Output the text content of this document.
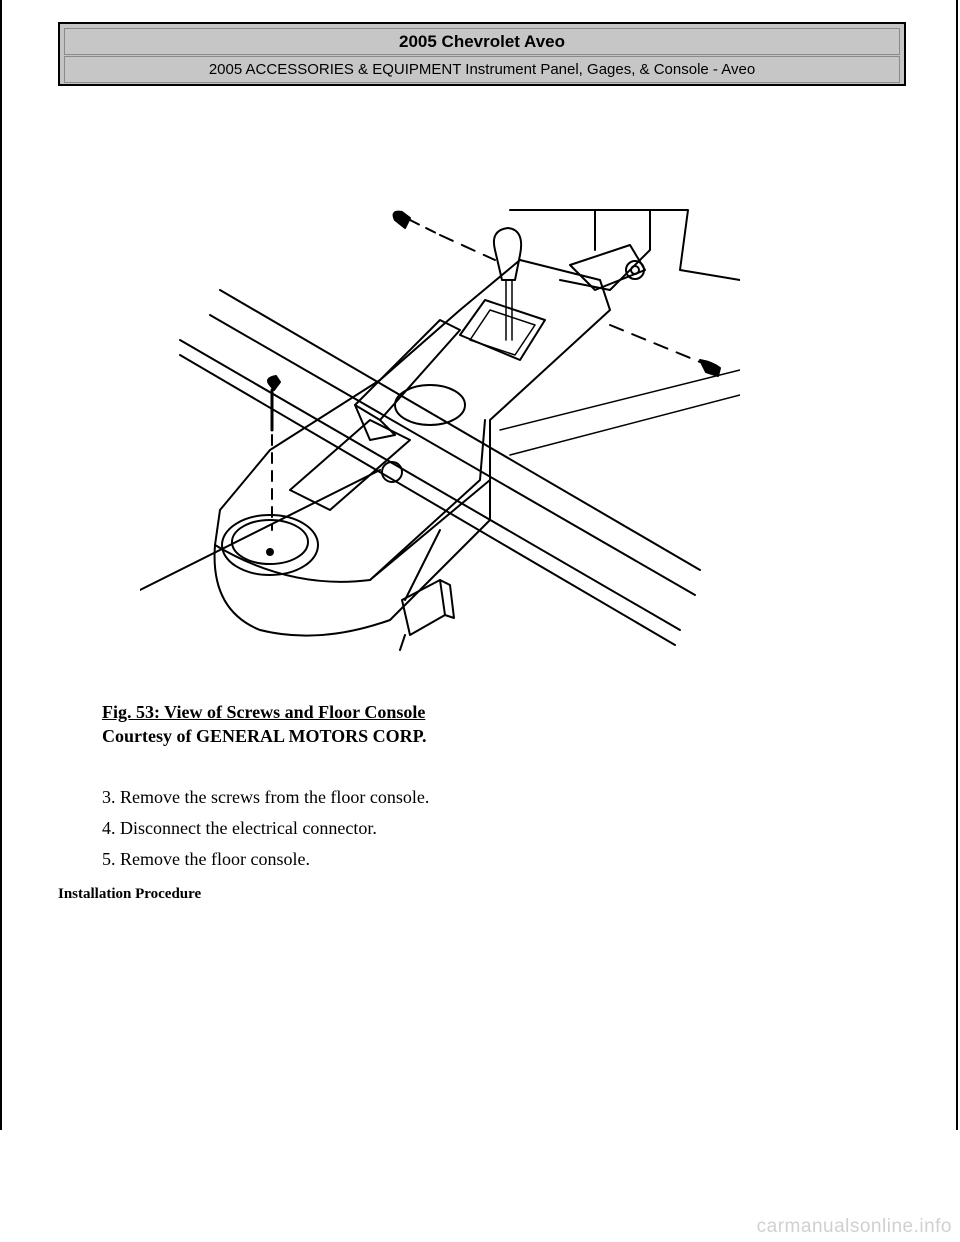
2005 Chevrolet Aveo
2005 ACCESSORIES & EQUIPMENT Instrument Panel, Gages, & Console - Aveo
Fig. 53: View of Screws and Floor Console
Courtesy of GENERAL MOTORS CORP.
3. Remove the screws from the floor console.
4. Disconnect the electrical connector.
5. Remove the floor console.
Installation Procedure
carmanualsonline.info
